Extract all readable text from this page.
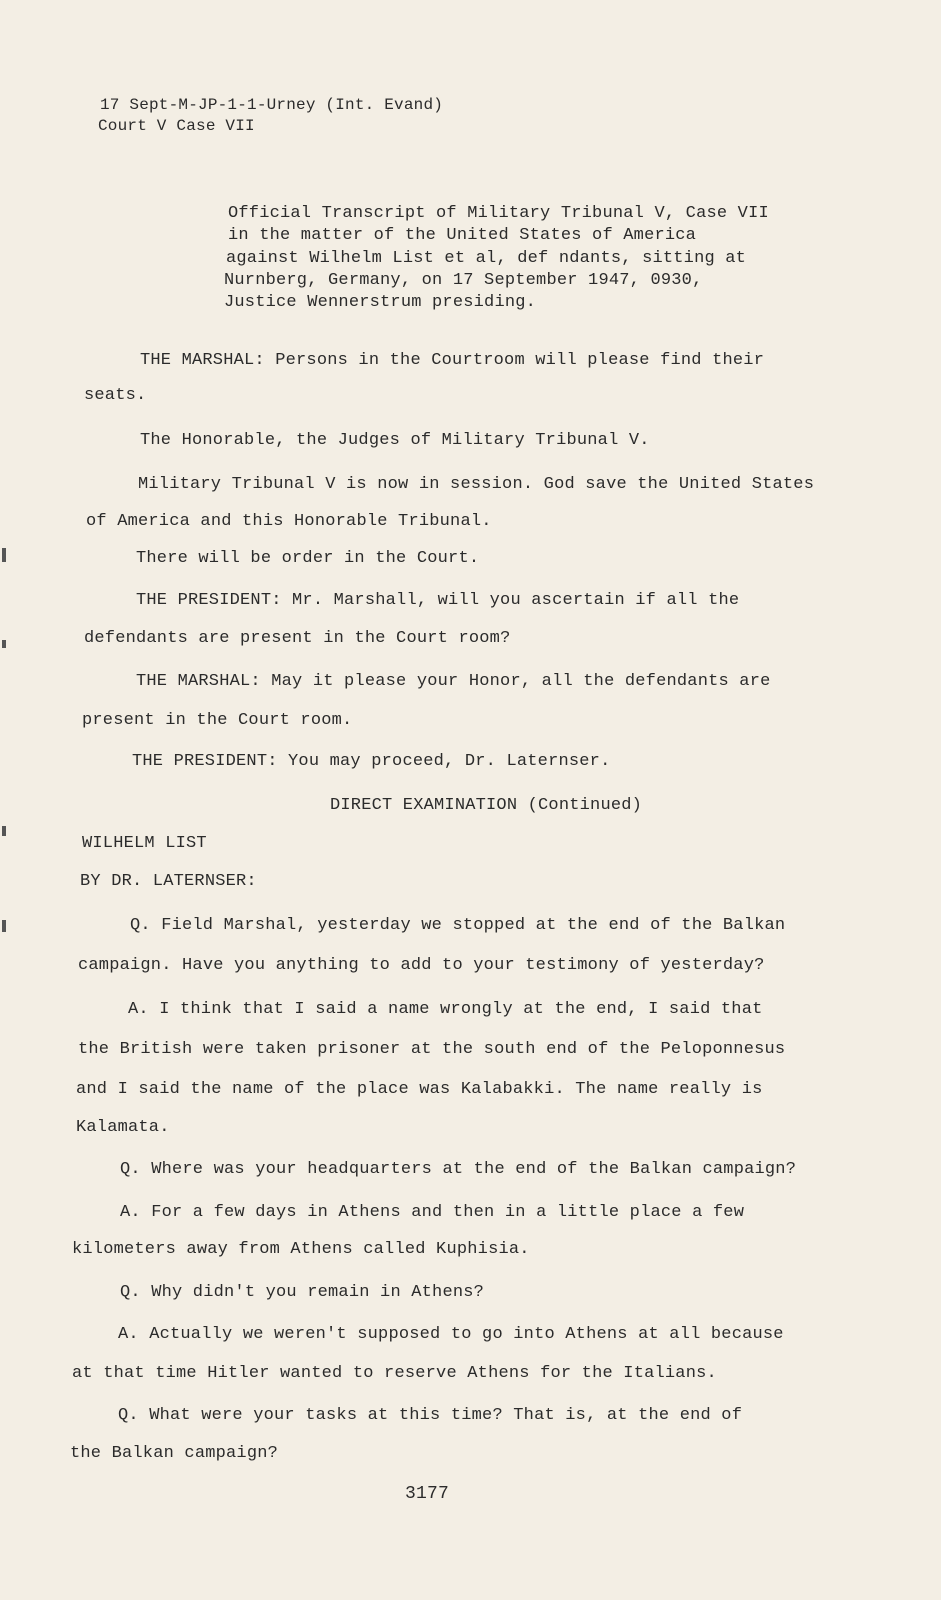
17 Sept-M-JP-1-1-Urney (Int. Evand)
Court V Case VII
Official Transcript of Military Tribunal V, Case VII
in the matter of the United States of America
against Wilhelm List et al, def ndants, sitting at
Nurnberg, Germany, on 17 September 1947, 0930,
Justice Wennerstrum presiding.
THE MARSHAL: Persons in the Courtroom will please find their
seats.
The Honorable, the Judges of Military Tribunal V.
Military Tribunal V is now in session. God save the United States
of America and this Honorable Tribunal.
There will be order in the Court.
THE PRESIDENT: Mr. Marshall, will you ascertain if all the
defendants are present in the Court room?
THE MARSHAL: May it please your Honor, all the defendants are
present in the Court room.
THE PRESIDENT: You may proceed, Dr. Laternser.
DIRECT EXAMINATION (Continued)
WILHELM LIST
BY DR. LATERNSER:
Q. Field Marshal, yesterday we stopped at the end of the Balkan
campaign. Have you anything to add to your testimony of yesterday?
A. I think that I said a name wrongly at the end, I said that
the British were taken prisoner at the south end of the Peloponnesus
and I said the name of the place was Kalabakki. The name really is
Kalamata.
Q. Where was your headquarters at the end of the Balkan campaign?
A. For a few days in Athens and then in a little place a few
kilometers away from Athens called Kuphisia.
Q. Why didn't you remain in Athens?
A. Actually we weren't supposed to go into Athens at all because
at that time Hitler wanted to reserve Athens for the Italians.
Q. What were your tasks at this time? That is, at the end of
the Balkan campaign?
3177
